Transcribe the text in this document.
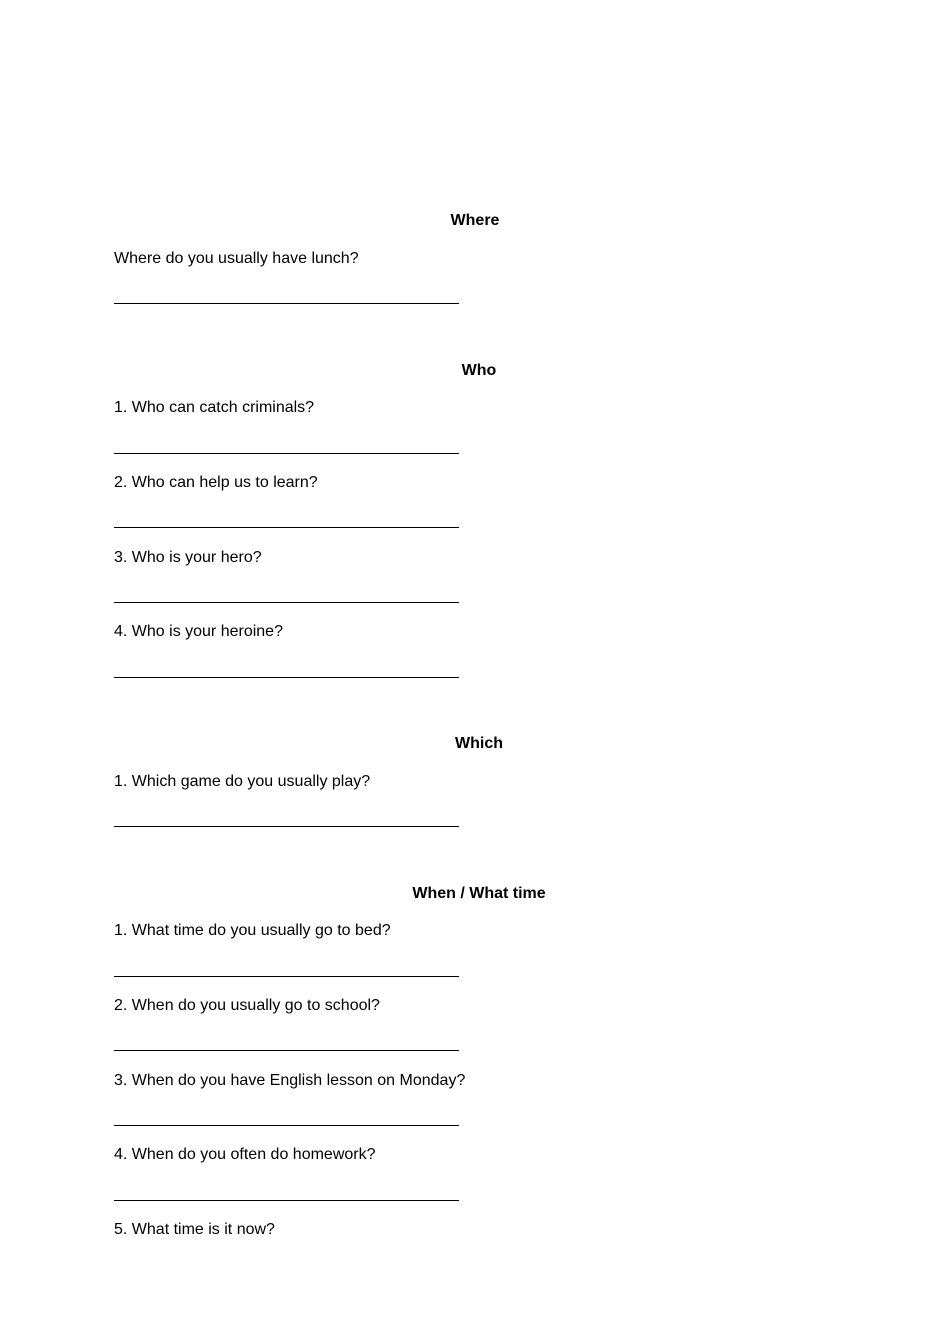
Where
Where do you usually have lunch?
Who
1. Who can catch criminals?
2. Who can help us to learn?
3. Who is your hero?
4. Who is your heroine?
Which
1. Which game do you usually play?
When / What time
1. What time do you usually go to bed?
2. When do you usually go to school?
3. When do you have English lesson on Monday?
4. When do you often do homework?
5. What time is it now?
